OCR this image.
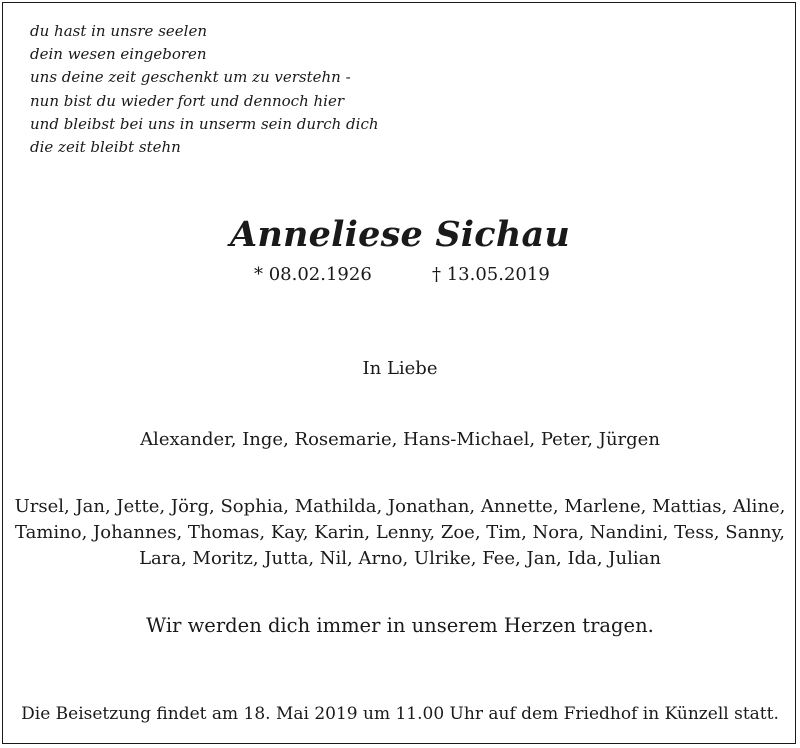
du hast in unsre seelen
dein wesen eingeboren
uns deine zeit geschenkt um zu verstehn -
nun bist du wieder fort und dennoch hier
und bleibst bei uns in unserm sein durch dich
die zeit bleibt stehn
Anneliese Sichau
* 08.02.1926	† 13.05.2019
In Liebe
Alexander, Inge, Rosemarie, Hans-Michael, Peter, Jürgen
Ursel, Jan, Jette, Jörg, Sophia, Mathilda, Jonathan, Annette, Marlene, Mattias, Aline,
Tamino, Johannes, Thomas, Kay, Karin, Lenny, Zoe, Tim, Nora, Nandini, Tess, Sanny,
Lara, Moritz, Jutta, Nil, Arno, Ulrike, Fee, Jan, Ida, Julian
Wir werden dich immer in unserem Herzen tragen.
Die Beisetzung findet am 18. Mai 2019 um 11.00 Uhr auf dem Friedhof in Künzell statt.
